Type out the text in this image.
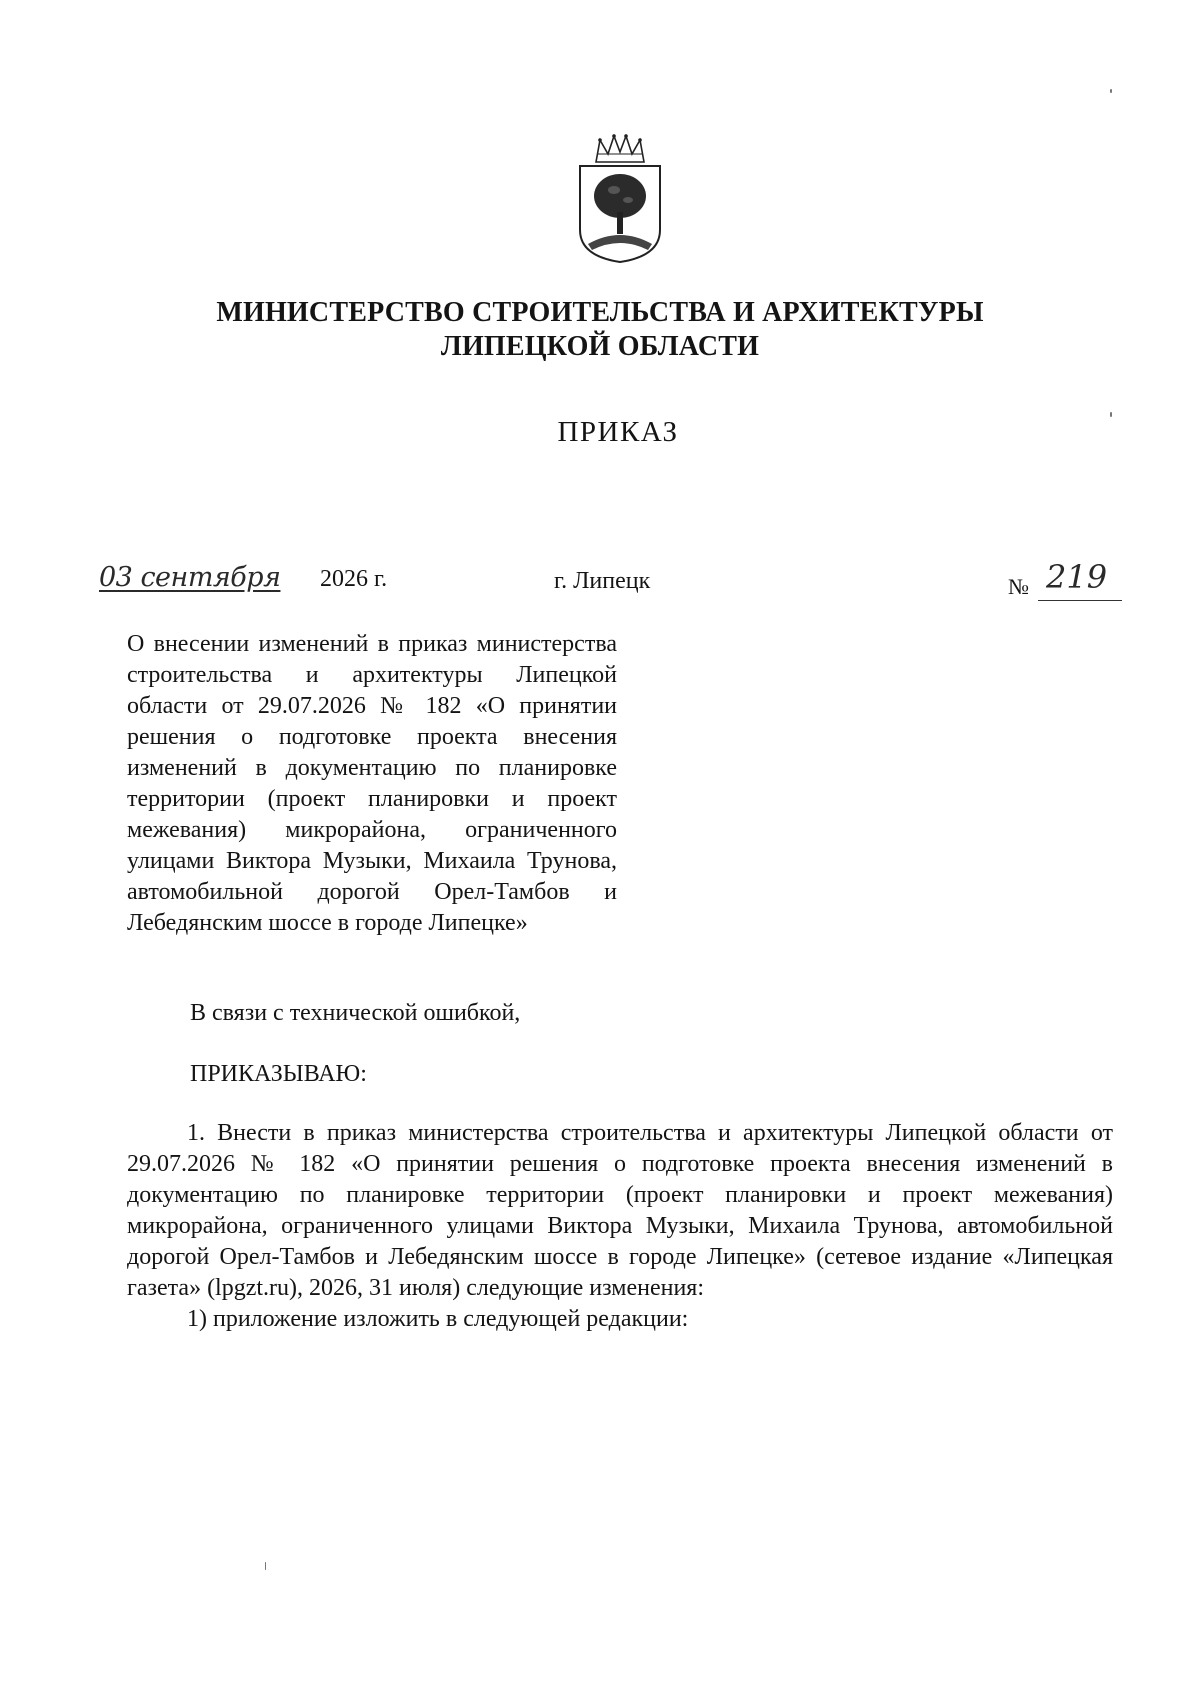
МИНИСТЕРСТВО СТРОИТЕЛЬСТВА И АРХИТЕКТУРЫ
ЛИПЕЦКОЙ ОБЛАСТИ
ПРИКАЗ
03 сентября 2026 г.	г. Липецк	№ 219
О внесении изменений в приказ министерства строительства и архитектуры Липецкой области от 29.07.2026 № 182 «О принятии решения о подготовке проекта внесения изменений в документацию по планировке территории (проект планировки и проект межевания) микрорайона, ограниченного улицами Виктора Музыки, Михаила Трунова, автомобильной дорогой Орел-Тамбов и Лебедянским шоссе в городе Липецке»
В связи с технической ошибкой,
ПРИКАЗЫВАЮ:

1. Внести в приказ министерства строительства и архитектуры Липецкой области от 29.07.2026 № 182 «О принятии решения о подготовке проекта внесения изменений в документацию по планировке территории (проект планировки и проект межевания) микрорайона, ограниченного улицами Виктора Музыки, Михаила Трунова, автомобильной дорогой Орел-Тамбов и Лебедянским шоссе в городе Липецке» (сетевое издание «Липецкая газета» (lpgzt.ru), 2026, 31 июля) следующие изменения:

1) приложение изложить в следующей редакции:
